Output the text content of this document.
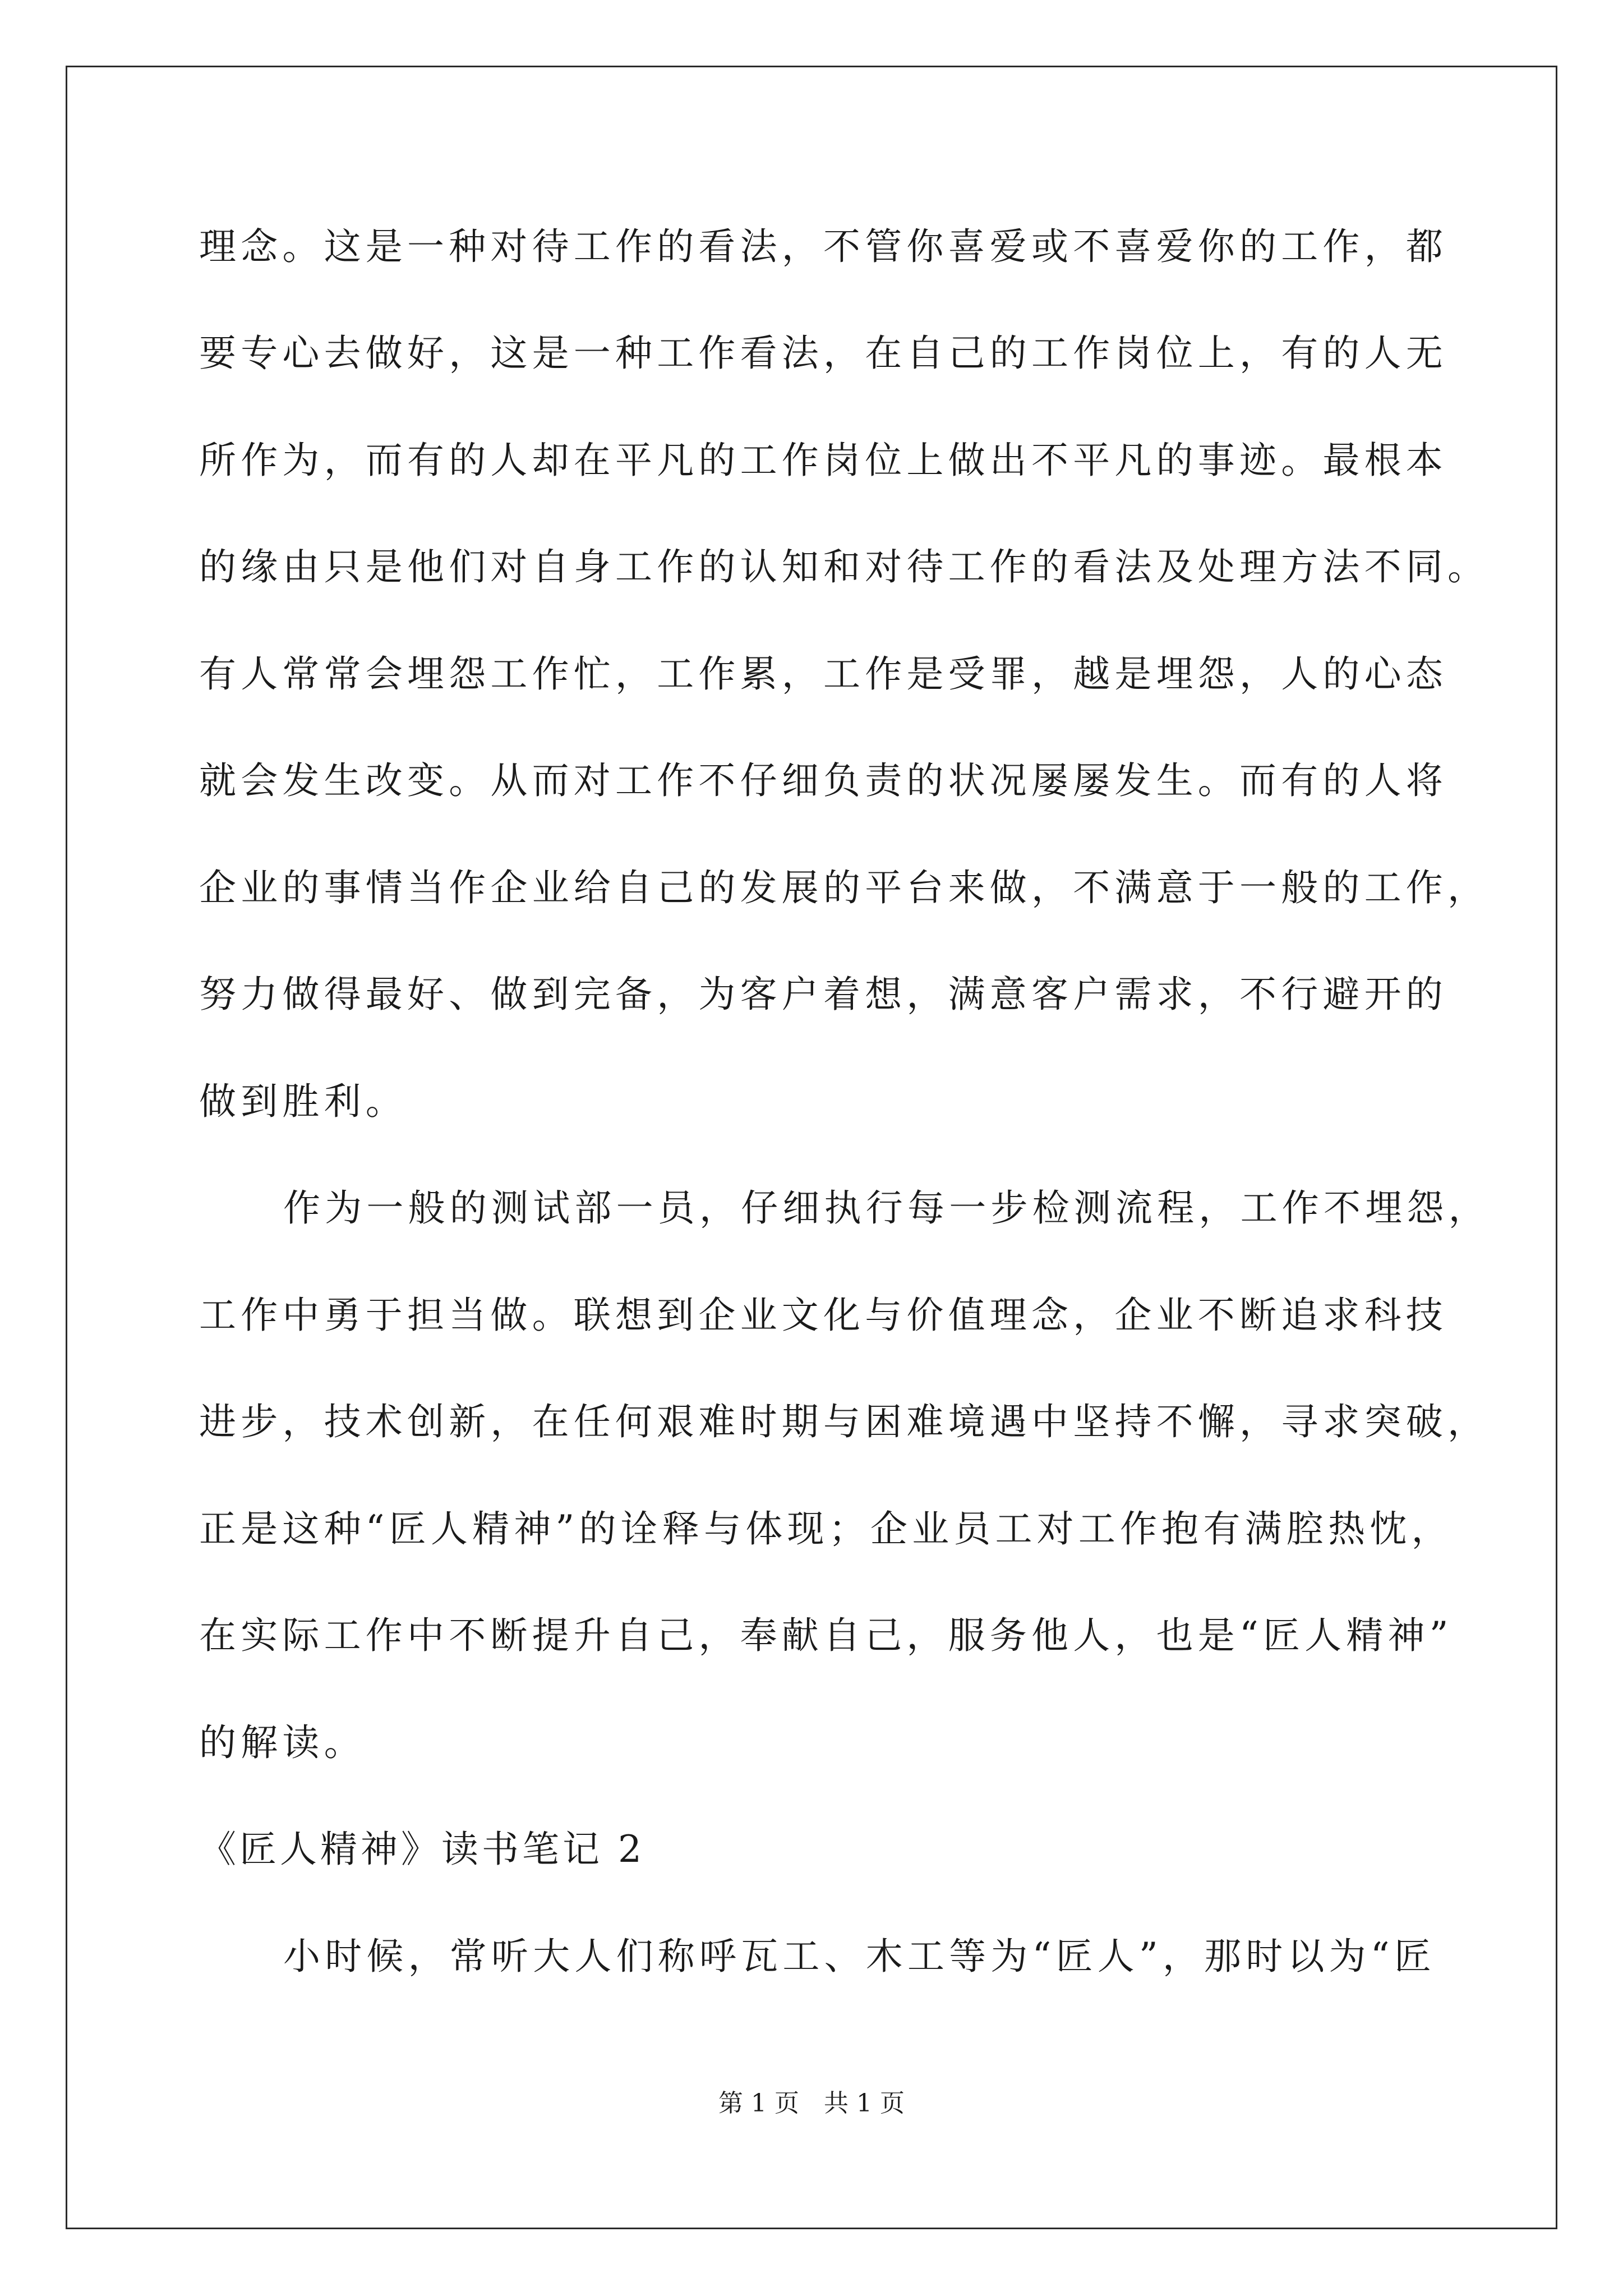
理念。这是一种对待工作的看法，不管你喜爱或不喜爱你的工作，都
要专心去做好，这是一种工作看法，在自己的工作岗位上，有的人无
所作为，而有的人却在平凡的工作岗位上做出不平凡的事迹。最根本
的缘由只是他们对自身工作的认知和对待工作的看法及处理方法不同。
有人常常会埋怨工作忙，工作累，工作是受罪，越是埋怨，人的心态
就会发生改变。从而对工作不仔细负责的状况屡屡发生。而有的人将
企业的事情当作企业给自己的发展的平台来做，不满意于一般的工作，
努力做得最好、做到完备，为客户着想，满意客户需求，不行避开的
做到胜利。
作为一般的测试部一员，仔细执行每一步检测流程，工作不埋怨，
工作中勇于担当做。联想到企业文化与价值理念，企业不断追求科技
进步，技术创新，在任何艰难时期与困难境遇中坚持不懈，寻求突破，
正是这种“匠人精神”的诠释与体现；企业员工对工作抱有满腔热忱，
在实际工作中不断提升自己，奉献自己，服务他人，也是“匠人精神”
的解读。
《匠人精神》读书笔记 2
小时候，常听大人们称呼瓦工、木工等为“匠人”，那时以为“匠
第 1 页　共 1 页
